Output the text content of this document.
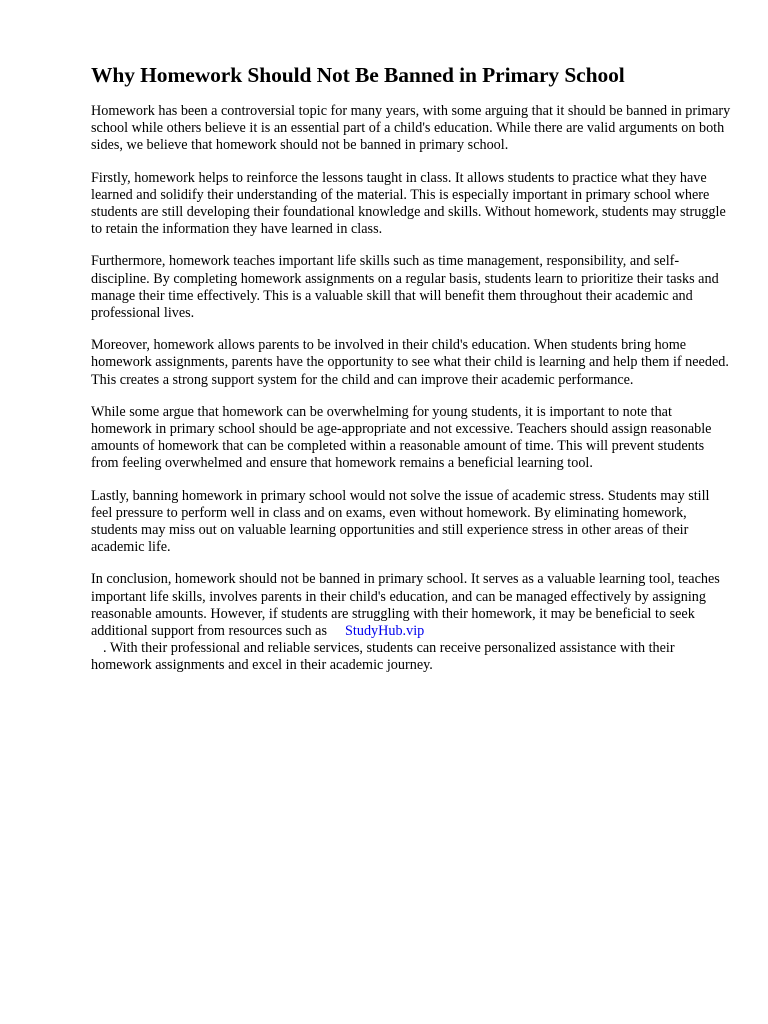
Why Homework Should Not Be Banned in Primary School

Homework has been a controversial topic for many years, with some arguing that it should be banned in primary school while others believe it is an essential part of a child's education. While there are valid arguments on both sides, we believe that homework should not be banned in primary school.

Firstly, homework helps to reinforce the lessons taught in class. It allows students to practice what they have learned and solidify their understanding of the material. This is especially important in primary school where students are still developing their foundational knowledge and skills. Without homework, students may struggle to retain the information they have learned in class.

Furthermore, homework teaches important life skills such as time management, responsibility, and self-discipline. By completing homework assignments on a regular basis, students learn to prioritize their tasks and manage their time effectively. This is a valuable skill that will benefit them throughout their academic and professional lives.

Moreover, homework allows parents to be involved in their child's education. When students bring home homework assignments, parents have the opportunity to see what their child is learning and help them if needed. This creates a strong support system for the child and can improve their academic performance.

While some argue that homework can be overwhelming for young students, it is important to note that homework in primary school should be age-appropriate and not excessive. Teachers should assign reasonable amounts of homework that can be completed within a reasonable amount of time. This will prevent students from feeling overwhelmed and ensure that homework remains a beneficial learning tool.

Lastly, banning homework in primary school would not solve the issue of academic stress. Students may still feel pressure to perform well in class and on exams, even without homework. By eliminating homework, students may miss out on valuable learning opportunities and still experience stress in other areas of their academic life.

In conclusion, homework should not be banned in primary school. It serves as a valuable learning tool, teaches important life skills, involves parents in their child's education, and can be managed effectively by assigning reasonable amounts. However, if students are struggling with their homework, it may be beneficial to seek additional support from resources such as StudyHub.vip
. With their professional and reliable services, students can receive personalized assistance with their homework assignments and excel in their academic journey.
